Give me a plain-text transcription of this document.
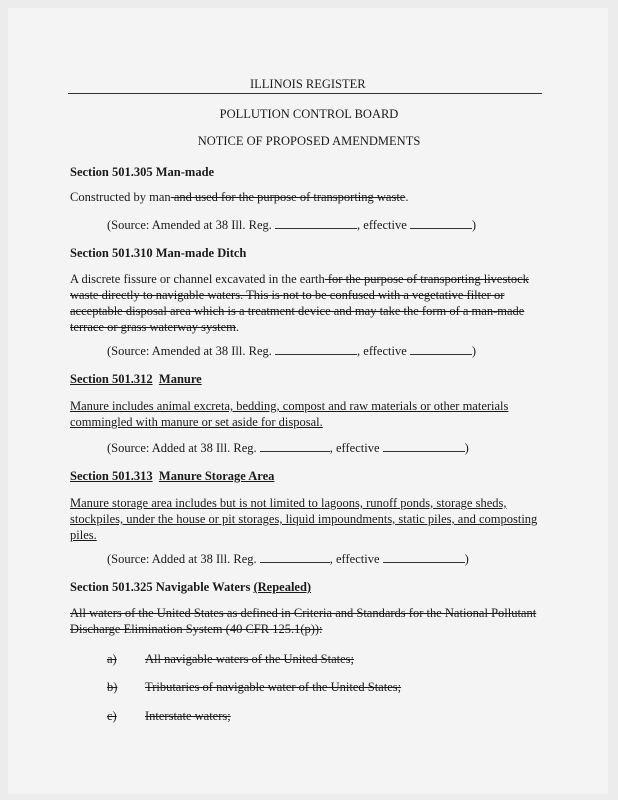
ILLINOIS REGISTER
POLLUTION CONTROL BOARD
NOTICE OF PROPOSED AMENDMENTS
Section 501.305 Man-made
Constructed by man and used for the purpose of transporting waste.
(Source: Amended at 38 Ill. Reg.	, effective	)
Section 501.310 Man-made Ditch
A discrete fissure or channel excavated in the earth for the purpose of transporting livestock
waste directly to navigable waters. This is not to be confused with a vegetative filter or
acceptable disposal area which is a treatment device and may take the form of a man-made
terrace or grass waterway system.
(Source: Amended at 38 Ill. Reg.	, effective	)
Section 501.312 Manure
Manure includes animal excreta, bedding, compost and raw materials or other materials
commingled with manure or set aside for disposal.
(Source: Added at 38 Ill. Reg.	, effective	)
Section 501.313 Manure Storage Area
Manure storage area includes but is not limited to lagoons, runoff ponds, storage sheds,
stockpiles, under the house or pit storages, liquid impoundments, static piles, and composting
piles.
(Source: Added at 38 Ill. Reg.	, effective	)
Section 501.325 Navigable Waters (Repealed)
All waters of the United States as defined in Criteria and Standards for the National Pollutant
Discharge Elimination System (40 CFR 125.1(p)):
a) All navigable waters of the United States;
b) Tributaries of navigable water of the United States;
c) Interstate waters;
